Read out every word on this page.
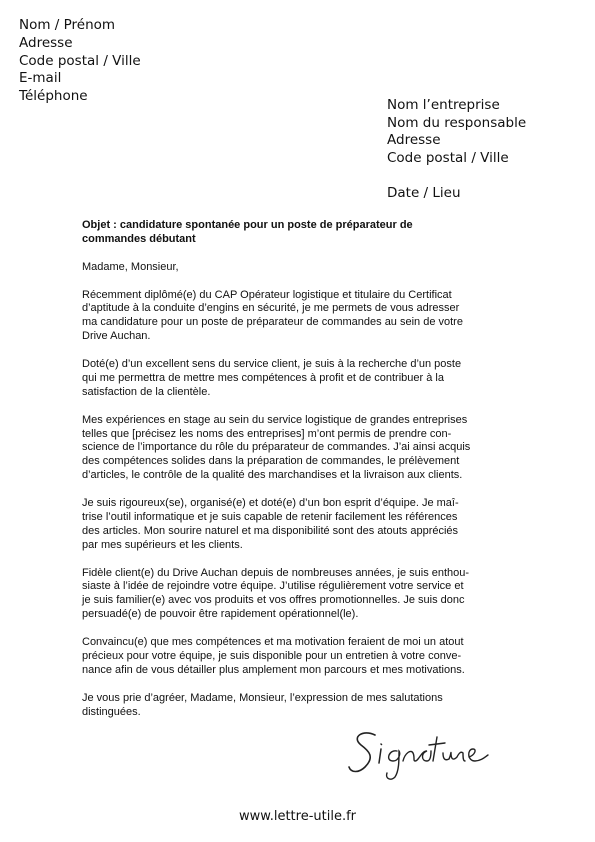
Nom / Prénom
Adresse
Code postal / Ville
E-mail
Téléphone
Nom l’entreprise
Nom du responsable
Adresse
Code postal / Ville
Date / Lieu
Objet : candidature spontanée pour un poste de préparateur de
commandes débutant
Madame, Monsieur,
Récemment diplômé(e) du CAP Opérateur logistique et titulaire du Certificat
d’aptitude à la conduite d’engins en sécurité, je me permets de vous adresser
ma candidature pour un poste de préparateur de commandes au sein de votre
Drive Auchan.
Doté(e) d’un excellent sens du service client, je suis à la recherche d’un poste
qui me permettra de mettre mes compétences à profit et de contribuer à la
satisfaction de la clientèle.
Mes expériences en stage au sein du service logistique de grandes entreprises
telles que [précisez les noms des entreprises] m’ont permis de prendre con-
science de l’importance du rôle du préparateur de commandes. J’ai ainsi acquis
des compétences solides dans la préparation de commandes, le prélèvement
d’articles, le contrôle de la qualité des marchandises et la livraison aux clients.
Je suis rigoureux(se), organisé(e) et doté(e) d’un bon esprit d’équipe. Je maî-
trise l’outil informatique et je suis capable de retenir facilement les références
des articles. Mon sourire naturel et ma disponibilité sont des atouts appréciés
par mes supérieurs et les clients.
Fidèle client(e) du Drive Auchan depuis de nombreuses années, je suis enthou-
siaste à l’idée de rejoindre votre équipe. J’utilise régulièrement votre service et
je suis familier(e) avec vos produits et vos offres promotionnelles. Je suis donc
persuadé(e) de pouvoir être rapidement opérationnel(le).
Convaincu(e) que mes compétences et ma motivation feraient de moi un atout
précieux pour votre équipe, je suis disponible pour un entretien à votre conve-
nance afin de vous détailler plus amplement mon parcours et mes motivations.
Je vous prie d’agréer, Madame, Monsieur, l’expression de mes salutations
distinguées.
www.lettre-utile.fr
